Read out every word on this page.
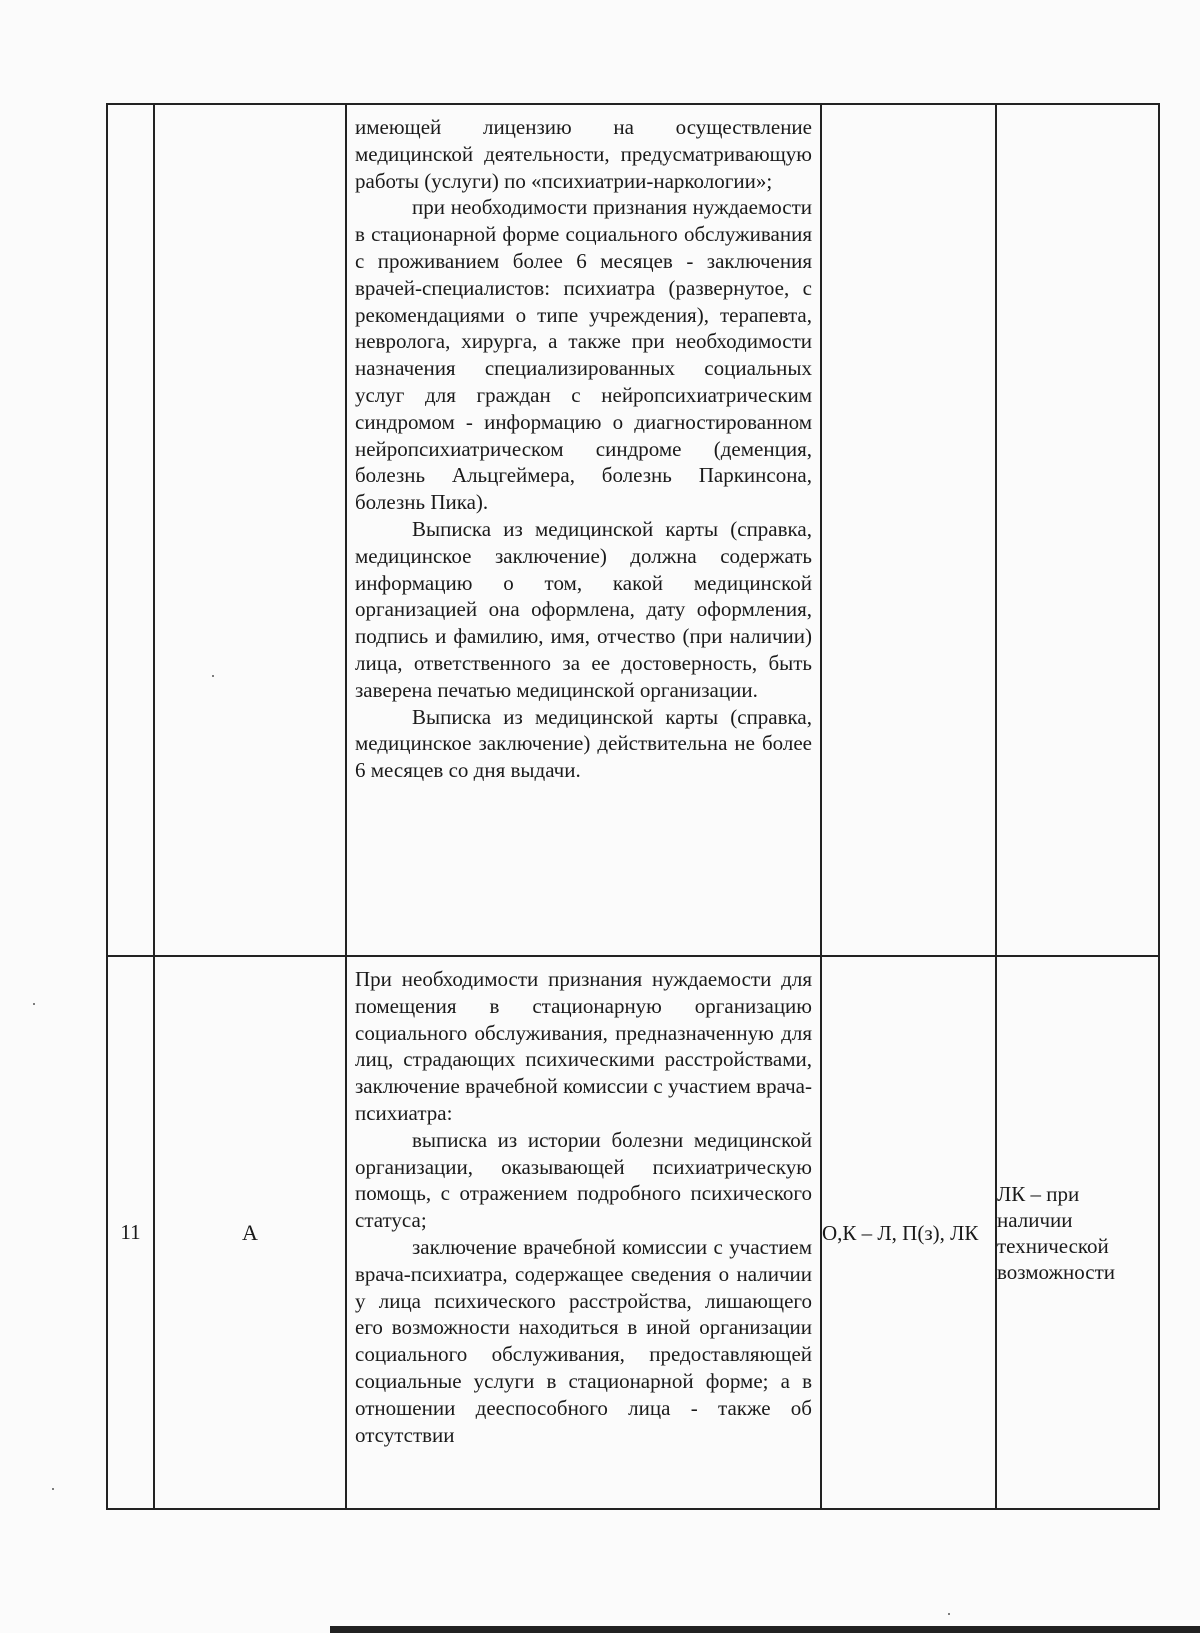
		имеющей лицензию на осуществление медицинской деятельности, предусматривающую работы (услуги) по «психиатрии-наркологии»;

при необходимости признания нуждаемости в стационарной форме социального обслуживания с проживанием более 6 месяцев - заключения врачей-специалистов: психиатра (развернутое, с рекомендациями о типе учреждения), терапевта, невролога, хирурга, а также при необходимости назначения специализированных социальных услуг для граждан с нейропсихиатрическим синдромом - информацию о диагностированном нейропсихиатрическом синдроме (деменция, болезнь Альцгеймера, болезнь Паркинсона, болезнь Пика).

Выписка из медицинской карты (справка, медицинское заключение) должна содержать информацию о том, какой медицинской организацией она оформлена, дату оформления, подпись и фамилию, имя, отчество (при наличии) лица, ответственного за ее достоверность, быть заверена печатью медицинской организации.

Выписка из медицинской карты (справка, медицинское заключение) действительна не более 6 месяцев со дня выдачи.		

11	А	При необходимости признания нуждаемости для помещения в стационарную организацию социального обслуживания, предназначенную для лиц, страдающих психическими расстройствами, заключение врачебной комиссии с участием врача-психиатра:

выписка из истории болезни медицинской организации, оказывающей психиатрическую помощь, с отражением подробного психического статуса;

заключение врачебной комиссии с участием врача-психиатра, содержащее сведения о наличии у лица психического расстройства, лишающего его возможности находиться в иной организации социального обслуживания, предоставляющей социальные услуги в стационарной форме; а в отношении дееспособного лица - также об отсутствии	О,К – Л, П(з), ЛК	ЛК – при наличии технической возможности
